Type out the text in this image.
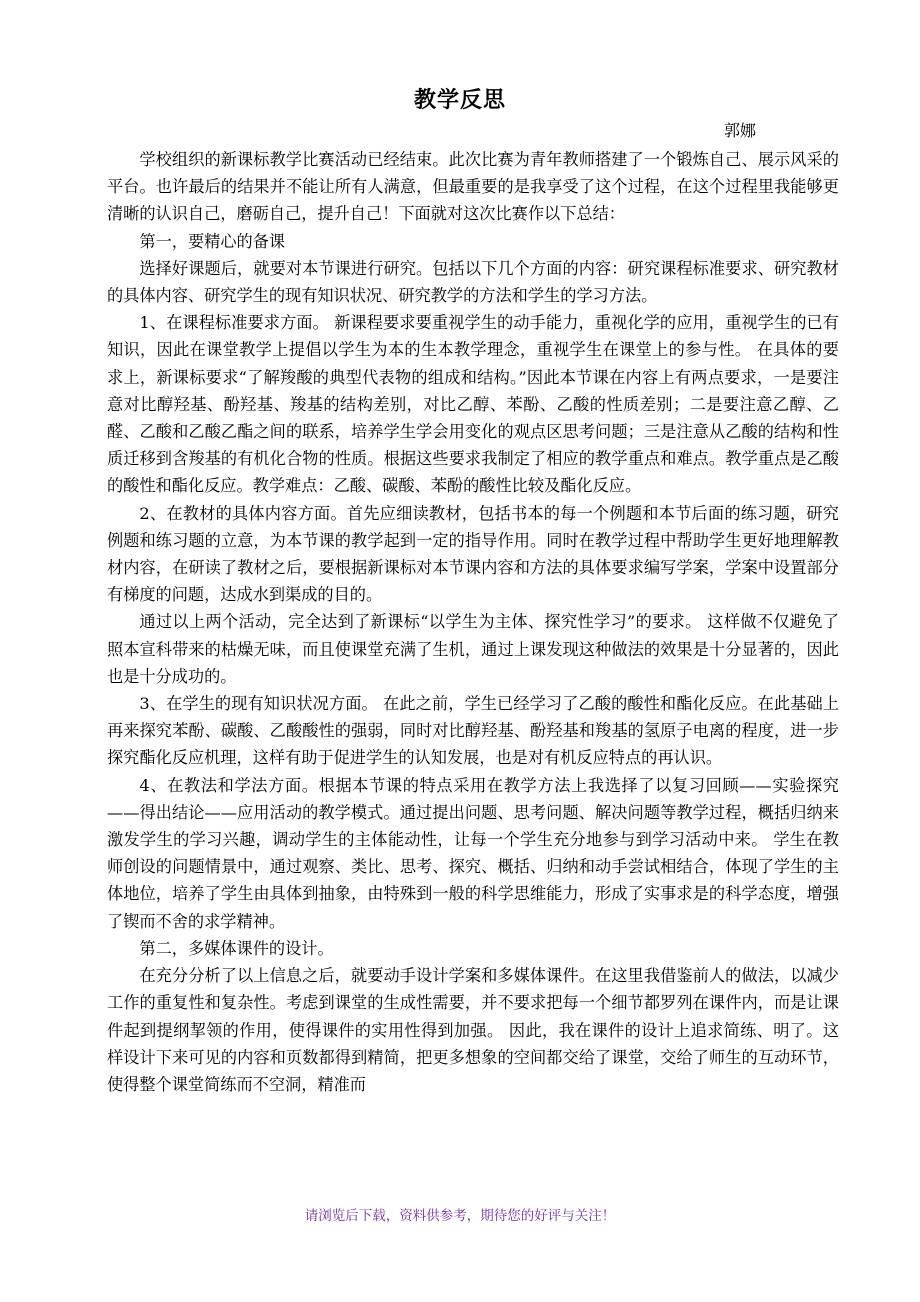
教学反思
郭娜

学校组织的新课标教学比赛活动已经结束。此次比赛为青年教师搭建了一个锻炼自己、展示风采的平台。也许最后的结果并不能让所有人满意，但最重要的是我享受了这个过程，在这个过程里我能够更清晰的认识自己，磨砺自己，提升自己！下面就对这次比赛作以下总结：

第一，要精心的备课

选择好课题后，就要对本节课进行研究。包括以下几个方面的内容：研究课程标准要求、研究教材的具体内容、研究学生的现有知识状况、研究教学的方法和学生的学习方法。

1、在课程标准要求方面。 新课程要求要重视学生的动手能力，重视化学的应用，重视学生的已有知识，因此在课堂教学上提倡以学生为本的生本教学理念，重视学生在课堂上的参与性。 在具体的要求上，新课标要求“了解羧酸的典型代表物的组成和结构。”因此本节课在内容上有两点要求，一是要注意对比醇羟基、酚羟基、羧基的结构差别，对比乙醇、苯酚、乙酸的性质差别；二是要注意乙醇、乙醛、乙酸和乙酸乙酯之间的联系，培养学生学会用变化的观点区思考问题；三是注意从乙酸的结构和性质迁移到含羧基的有机化合物的性质。根据这些要求我制定了相应的教学重点和难点。教学重点是乙酸的酸性和酯化反应。教学难点：乙酸、碳酸、苯酚的酸性比较及酯化反应。

2、在教材的具体内容方面。首先应细读教材，包括书本的每一个例题和本节后面的练习题，研究例题和练习题的立意，为本节课的教学起到一定的指导作用。同时在教学过程中帮助学生更好地理解教材内容，在研读了教材之后，要根据新课标对本节课内容和方法的具体要求编写学案，学案中设置部分有梯度的问题，达成水到渠成的目的。

通过以上两个活动，完全达到了新课标“以学生为主体、探究性学习”的要求。 这样做不仅避免了照本宣科带来的枯燥无味，而且使课堂充满了生机，通过上课发现这种做法的效果是十分显著的，因此也是十分成功的。

3、在学生的现有知识状况方面。 在此之前，学生已经学习了乙酸的酸性和酯化反应。在此基础上再来探究苯酚、碳酸、乙酸酸性的强弱，同时对比醇羟基、酚羟基和羧基的氢原子电离的程度，进一步探究酯化反应机理，这样有助于促进学生的认知发展，也是对有机反应特点的再认识。

4、在教法和学法方面。根据本节课的特点采用在教学方法上我选择了以复习回顾——实验探究——得出结论——应用活动的教学模式。通过提出问题、思考问题、解决问题等教学过程，概括归纳来激发学生的学习兴趣，调动学生的主体能动性，让每一个学生充分地参与到学习活动中来。 学生在教师创设的问题情景中，通过观察、类比、思考、探究、概括、归纳和动手尝试相结合，体现了学生的主体地位，培养了学生由具体到抽象，由特殊到一般的科学思维能力，形成了实事求是的科学态度，增强了锲而不舍的求学精神。

第二，多媒体课件的设计。

在充分分析了以上信息之后，就要动手设计学案和多媒体课件。在这里我借鉴前人的做法，以减少工作的重复性和复杂性。考虑到课堂的生成性需要，并不要求把每一个细节都罗列在课件内，而是让课件起到提纲挈领的作用，使得课件的实用性得到加强。 因此，我在课件的设计上追求简练、明了。这样设计下来可见的内容和页数都得到精简，把更多想象的空间都交给了课堂，交给了师生的互动环节，使得整个课堂简练而不空洞，精准而

请浏览后下载，资料供参考，期待您的好评与关注！
